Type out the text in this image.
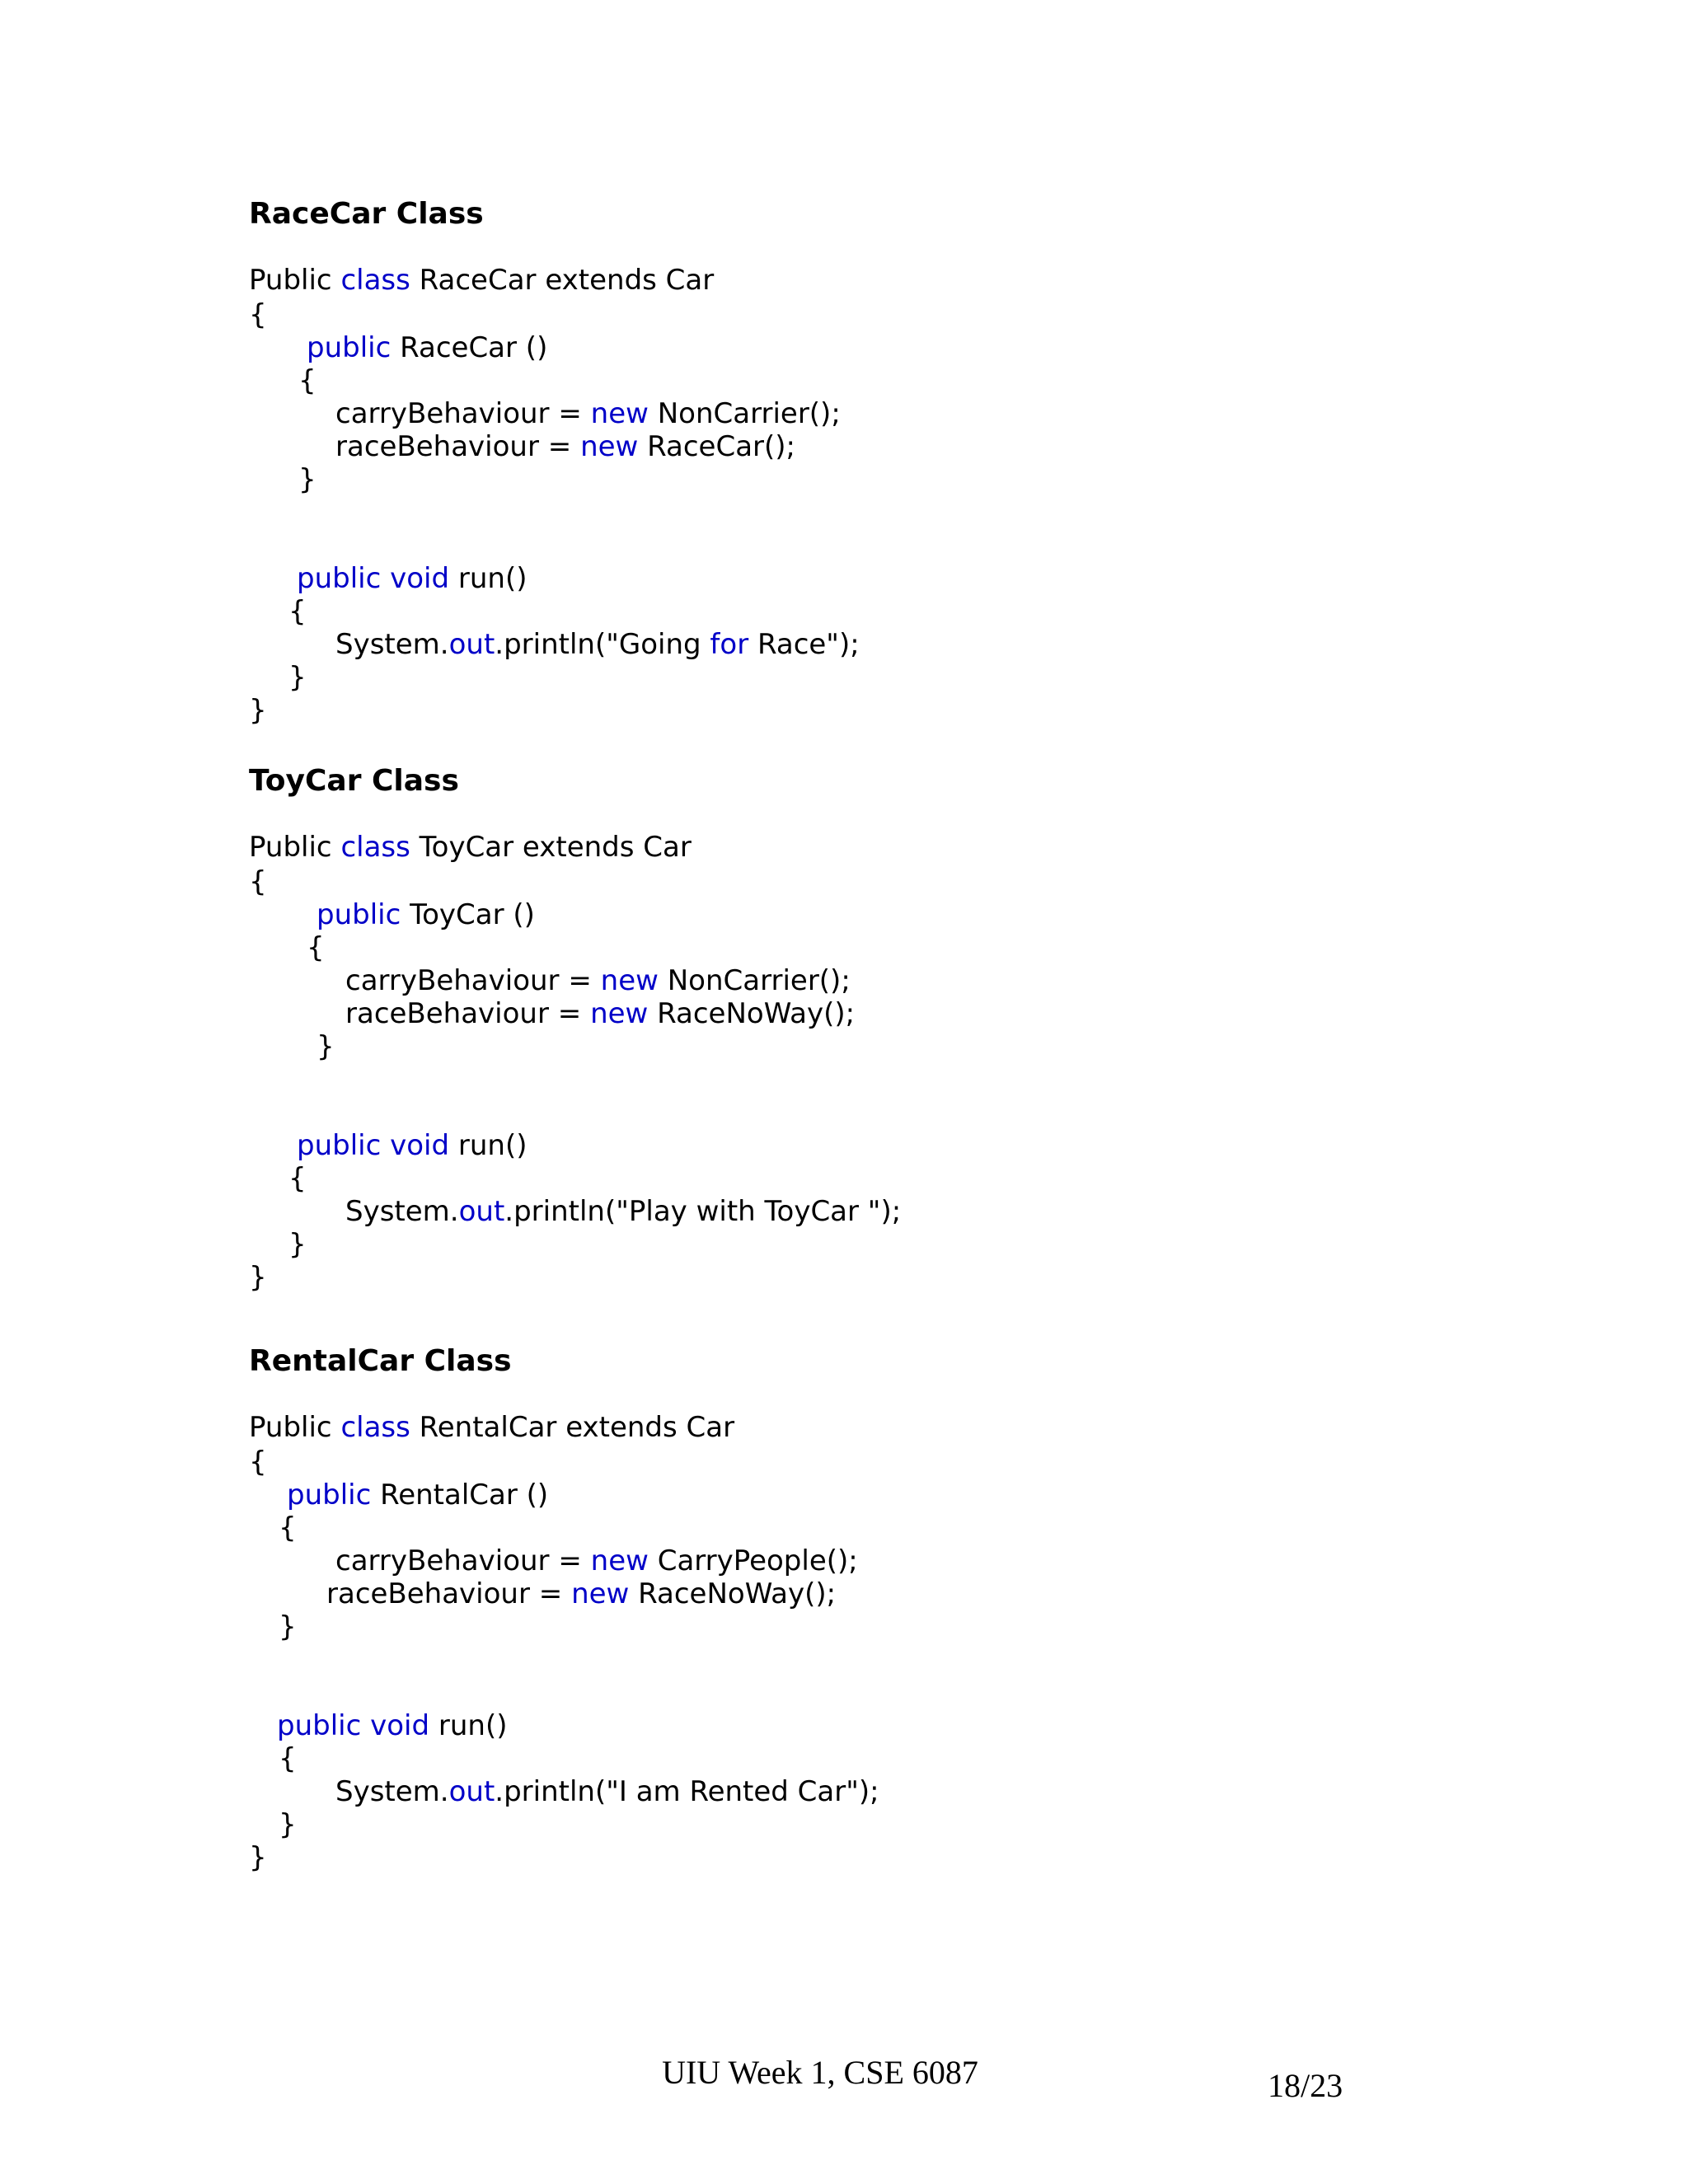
RaceCar Class
Public class RaceCar extends Car
{
public RaceCar ()
{
carryBehaviour = new NonCarrier();
raceBehaviour = new RaceCar();
}
public void run()
{
System.out.println("Going for Race");
}
}
ToyCar Class
Public class ToyCar extends Car
{
public ToyCar ()
{
carryBehaviour = new NonCarrier();
raceBehaviour = new RaceNoWay();
}
public void run()
{
System.out.println("Play with ToyCar ");
}
}
RentalCar Class
Public class RentalCar extends Car
{
public RentalCar ()
{
carryBehaviour = new CarryPeople();
raceBehaviour = new RaceNoWay();
}
public void run()
{
System.out.println("I am Rented Car");
}
}
UIU Week 1, CSE 6087	18/23
